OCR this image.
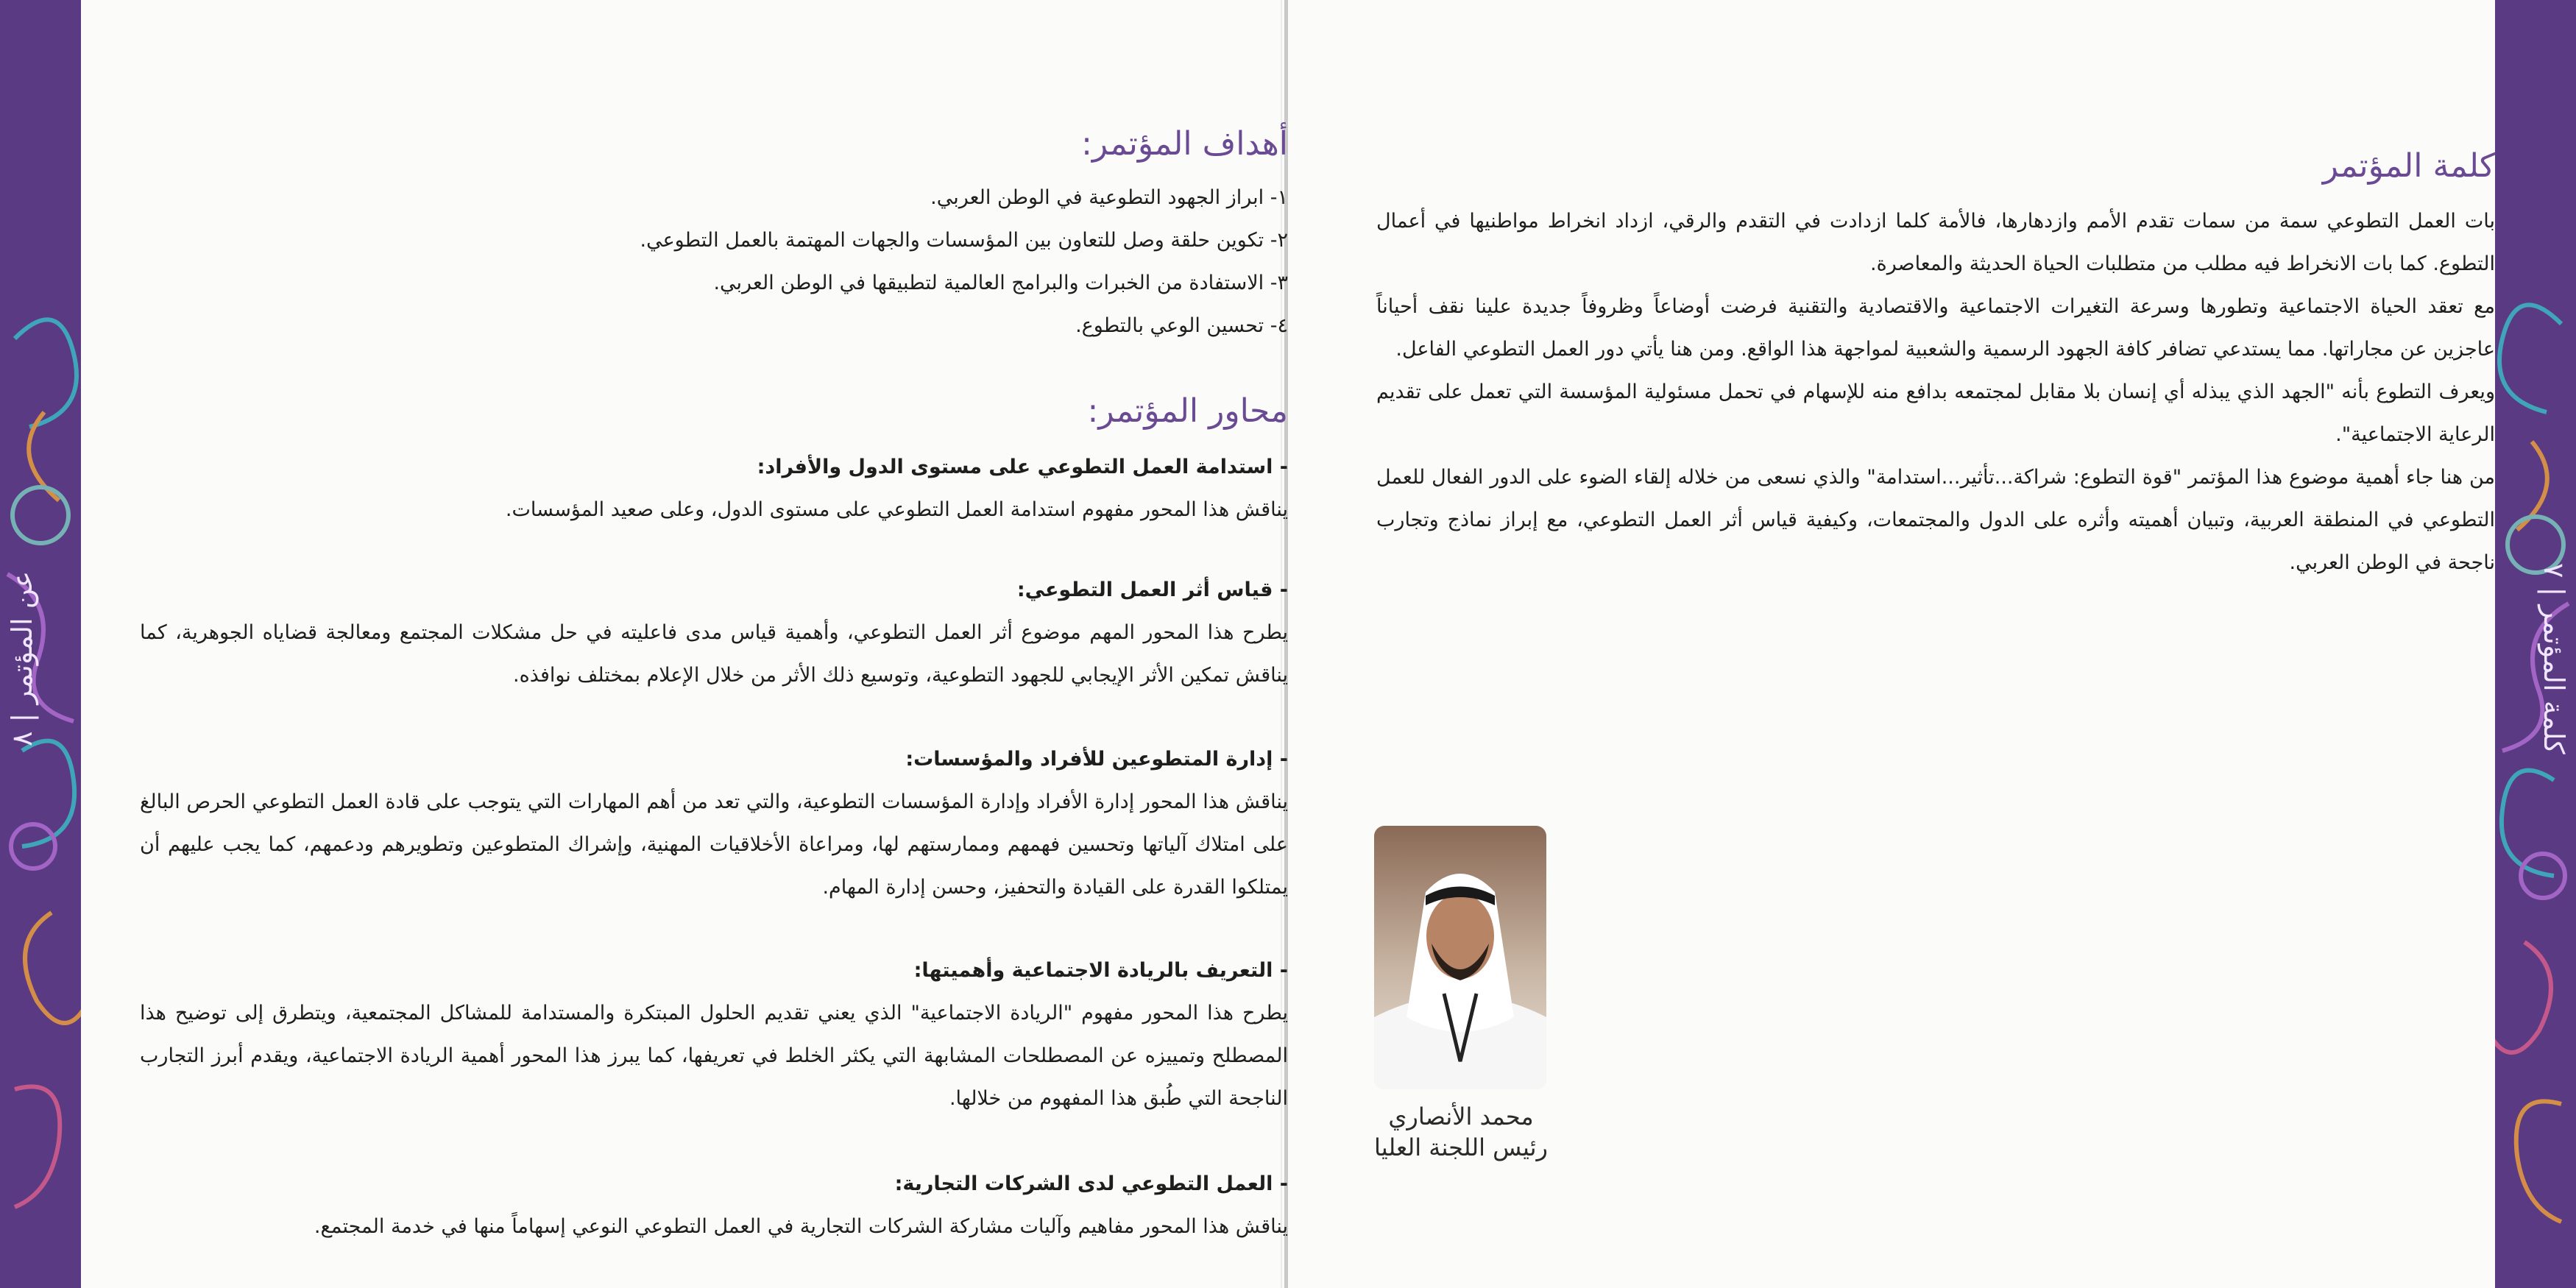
عن المؤتمر | ٨
كلمة المؤتمر | ٧
أهداف المؤتمر:
١- ابراز الجهود التطوعية في الوطن العربي.
٢- تكوين حلقة وصل للتعاون بين المؤسسات والجهات المهتمة بالعمل التطوعي.
٣- الاستفادة من الخبرات والبرامج العالمية لتطبيقها في الوطن العربي.
٤- تحسين الوعي بالتطوع.
محاور المؤتمر:
- استدامة العمل التطوعي على مستوى الدول والأفراد:
يناقش هذا المحور مفهوم استدامة العمل التطوعي على مستوى الدول، وعلى صعيد المؤسسات.
- قياس أثر العمل التطوعي:
يطرح هذا المحور المهم موضوع أثر العمل التطوعي، وأهمية قياس مدى فاعليته في حل مشكلات المجتمع ومعالجة قضاياه الجوهرية، كما يناقش تمكين الأثر الإيجابي للجهود التطوعية، وتوسيع ذلك الأثر من خلال الإعلام بمختلف نوافذه.
- إدارة المتطوعين للأفراد والمؤسسات:
يناقش هذا المحور إدارة الأفراد وإدارة المؤسسات التطوعية، والتي تعد من أهم المهارات التي يتوجب على قادة العمل التطوعي الحرص البالغ على امتلاك آلياتها وتحسين فهمهم وممارستهم لها، ومراعاة الأخلاقيات المهنية، وإشراك المتطوعين وتطويرهم ودعمهم، كما يجب عليهم أن يمتلكوا القدرة على القيادة والتحفيز، وحسن إدارة المهام.
- التعريف بالريادة الاجتماعية وأهميتها:
يطرح هذا المحور مفهوم "الريادة الاجتماعية" الذي يعني تقديم الحلول المبتكرة والمستدامة للمشاكل المجتمعية، ويتطرق إلى توضيح هذا المصطلح وتمييزه عن المصطلحات المشابهة التي يكثر الخلط في تعريفها، كما يبرز هذا المحور أهمية الريادة الاجتماعية، ويقدم أبرز التجارب الناجحة التي طُبق هذا المفهوم من خلالها.
- العمل التطوعي لدى الشركات التجارية:
يناقش هذا المحور مفاهيم وآليات مشاركة الشركات التجارية في العمل التطوعي النوعي إسهاماً منها في خدمة المجتمع.
كلمة المؤتمر
بات العمل التطوعي سمة من سمات تقدم الأمم وازدهارها، فالأمة كلما ازدادت في التقدم والرقي، ازداد انخراط مواطنيها في أعمال التطوع. كما بات الانخراط فيه مطلب من متطلبات الحياة الحديثة والمعاصرة.
مع تعقد الحياة الاجتماعية وتطورها وسرعة التغيرات الاجتماعية والاقتصادية والتقنية فرضت أوضاعاً وظروفاً جديدة علينا نقف أحياناً عاجزين عن مجاراتها. مما يستدعي تضافر كافة الجهود الرسمية والشعبية لمواجهة هذا الواقع. ومن هنا يأتي دور العمل التطوعي الفاعل.
ويعرف التطوع بأنه "الجهد الذي يبذله أي إنسان بلا مقابل لمجتمعه بدافع منه للإسهام في تحمل مسئولية المؤسسة التي تعمل على تقديم الرعاية الاجتماعية".
من هنا جاء أهمية موضوع هذا المؤتمر "قوة التطوع: شراكة...تأثير...استدامة" والذي نسعى من خلاله إلقاء الضوء على الدور الفعال للعمل التطوعي في المنطقة العربية، وتبيان أهميته وأثره على الدول والمجتمعات، وكيفية قياس أثر العمل التطوعي، مع إبراز نماذج وتجارب ناجحة في الوطن العربي.
محمد الأنصاري
رئيس اللجنة العليا
